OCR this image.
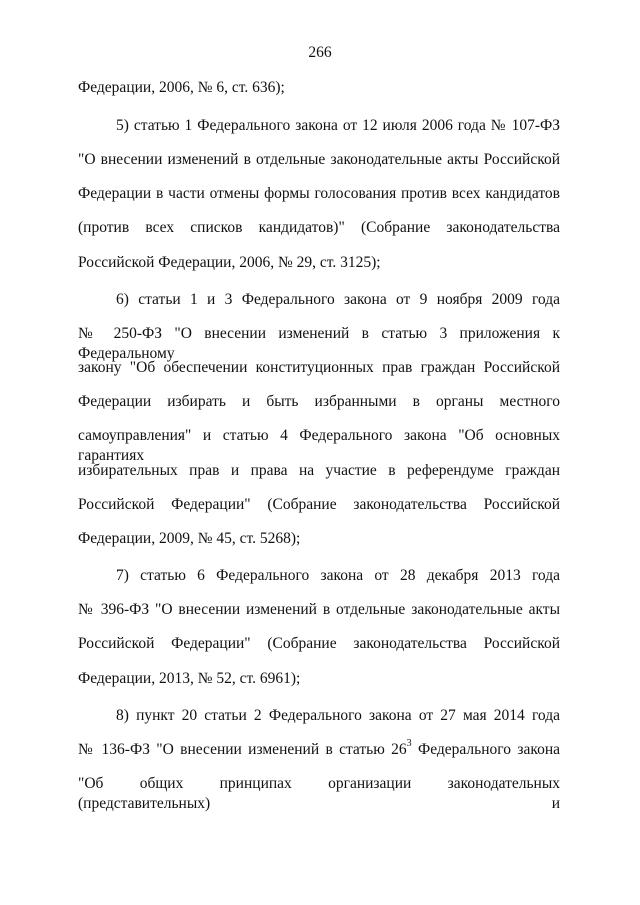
266
Федерации, 2006, № 6, ст. 636);
5) статью 1 Федерального закона от 12 июля 2006 года № 107-ФЗ
"О внесении изменений в отдельные законодательные акты Российской
Федерации в части отмены формы голосования против всех кандидатов
(против всех списков кандидатов)" (Собрание законодательства
Российской Федерации, 2006, № 29, ст. 3125);
6) статьи 1 и 3 Федерального закона от 9 ноября 2009 года
№ 250-ФЗ "О внесении изменений в статью 3 приложения к Федеральному
закону "Об обеспечении конституционных прав граждан Российской
Федерации избирать и быть избранными в органы местного
самоуправления" и статью 4 Федерального закона "Об основных гарантиях
избирательных прав и права на участие в референдуме граждан
Российской Федерации" (Собрание законодательства Российской
Федерации, 2009, № 45, ст. 5268);
7) статью 6 Федерального закона от 28 декабря 2013 года
№ 396-ФЗ "О внесении изменений в отдельные законодательные акты
Российской Федерации" (Собрание законодательства Российской
Федерации, 2013, № 52, ст. 6961);
8) пункт 20 статьи 2 Федерального закона от 27 мая 2014 года
№ 136-ФЗ "О внесении изменений в статью $26^3$ Федерального закона
"Об общих принципах организации законодательных (представительных) и
